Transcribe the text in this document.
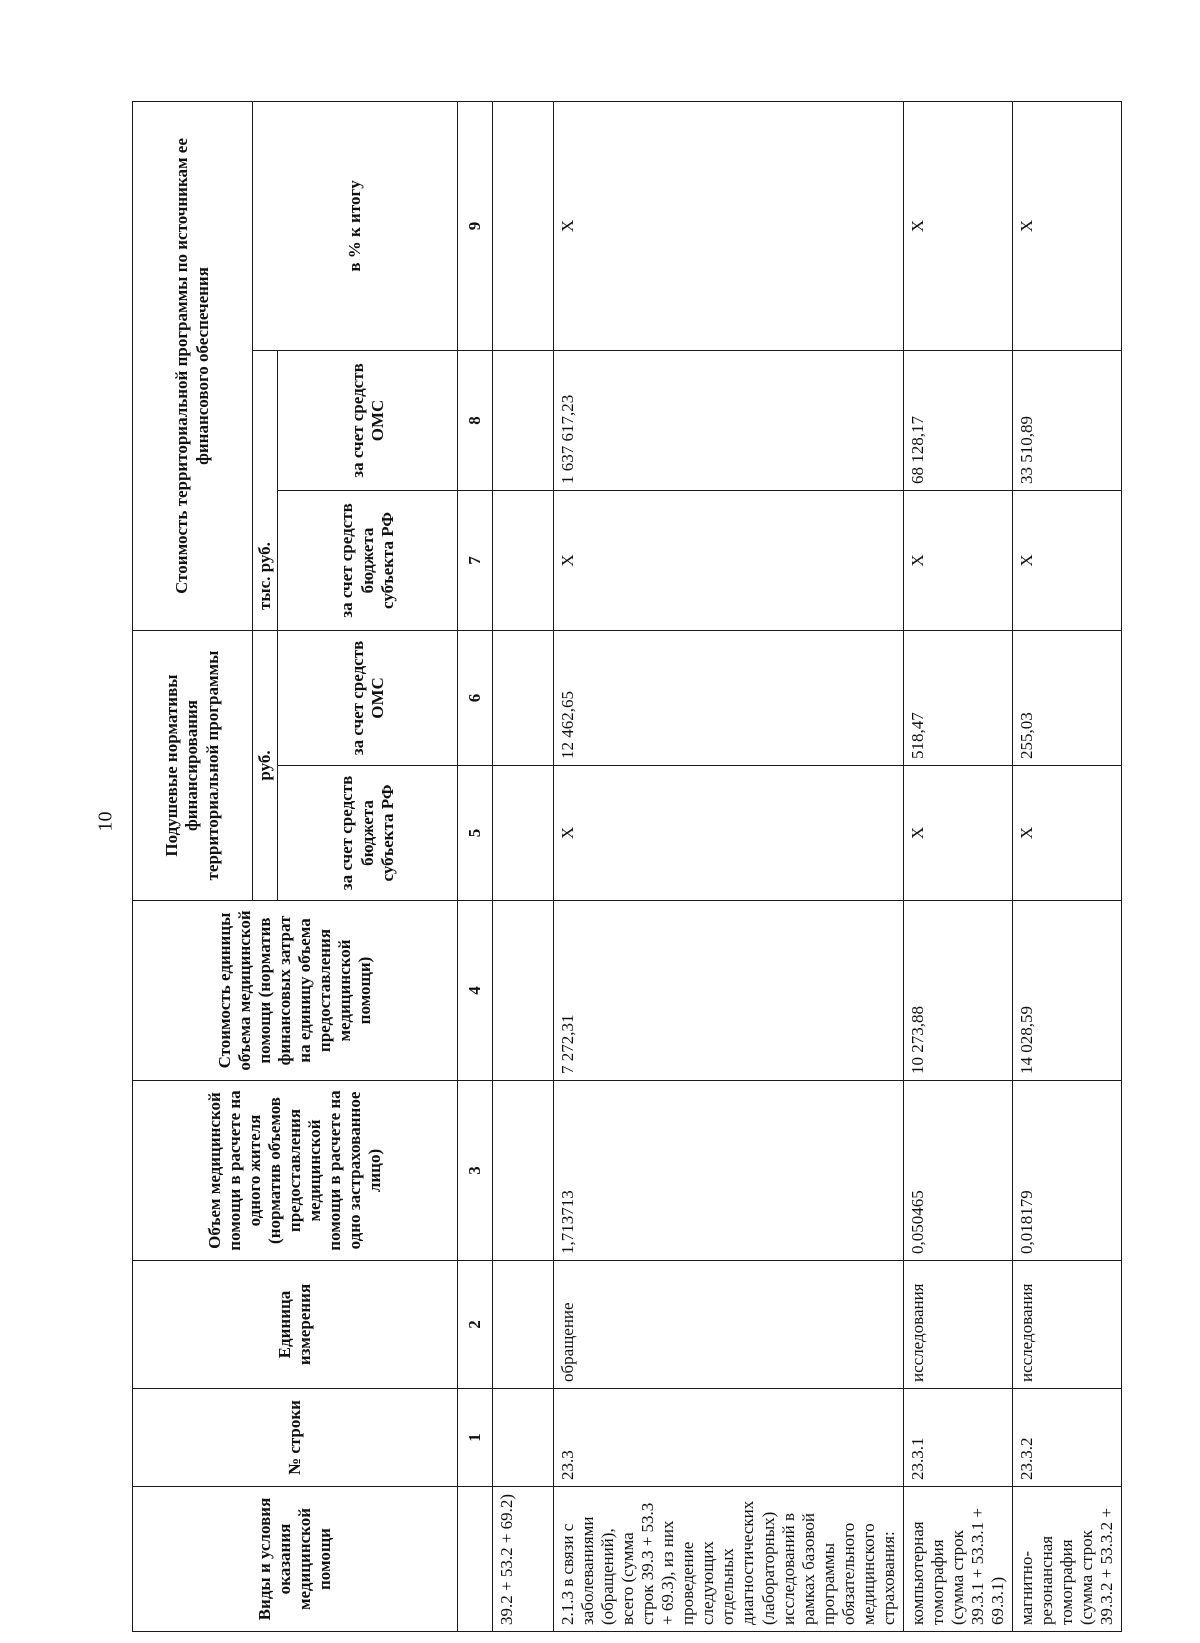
10
Виды и условия оказания медицинской помощи	№ строки	Единица измерения	Объем медицинской помощи в расчете на одного жителя (норматив объемов предоставления медицинской помощи в расчете на одно застрахованное лицо)	Стоимость единицы объема медицинской помощи (норматив финансовых затрат на единицу объема предоставления медицинской помощи)	Подушевые нормативы финансирования территориальной программы		Стоимость территориальной программы по источникам ее финансового обеспечения		
					руб.		тыс. руб.		в % к итогу
					за счет средств бюджета субъекта РФ	за счет средств ОМС	за счет средств бюджета субъекта РФ	за счет средств ОМС	
	1	2	3	4	5	6	7	8	9
39.2 + 53.2 + 69.2)									
2.1.3 в связи с заболеваниями (обращений), всего (сумма строк 39.3 + 53.3 + 69.3), из них проведение следующих отдельных диагностических (лабораторных) исследований в рамках базовой программы обязательного медицинского страхования:	23.3	обращение	1,713713	7 272,31	Х	12 462,65	Х	1 637 617,23	Х
компьютерная томография (сумма строк 39.3.1 + 53.3.1 + 69.3.1)	23.3.1	исследования	0,050465	10 273,88	Х	518,47	Х	68 128,17	Х
магнитно-резонансная томография (сумма строк 39.3.2 + 53.3.2 +	23.3.2	исследования	0,018179	14 028,59	Х	255,03	Х	33 510,89	Х
